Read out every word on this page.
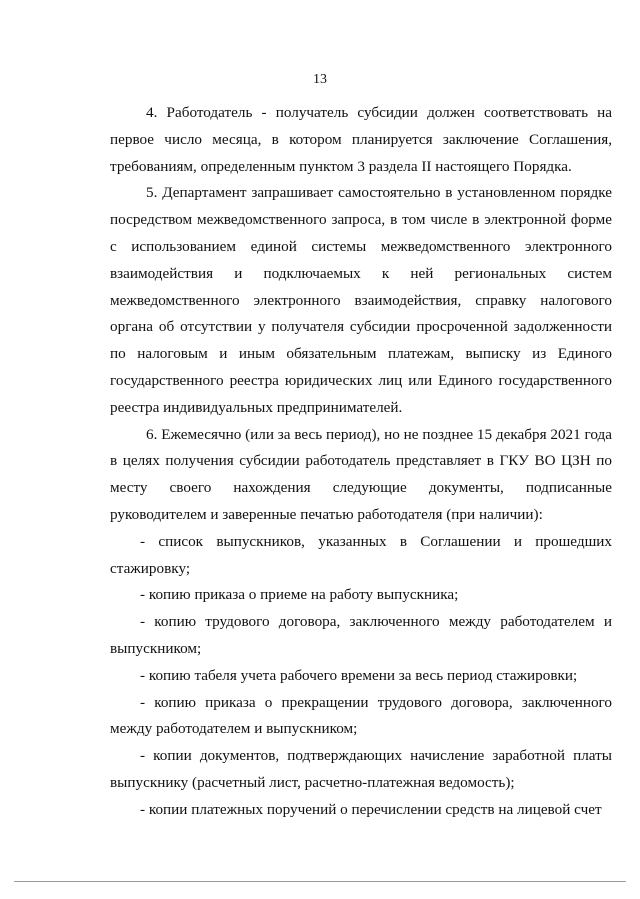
13

4. Работодатель - получатель субсидии должен соответствовать на первое число месяца, в котором планируется заключение Соглашения, требованиям, определенным пунктом 3 раздела II настоящего Порядка.

5. Департамент запрашивает самостоятельно в установленном порядке посредством межведомственного запроса, в том числе в электронной форме с использованием единой системы межведомственного электронного взаимодействия и подключаемых к ней региональных систем межведомственного электронного взаимодействия, справку налогового органа об отсутствии у получателя субсидии просроченной задолженности по налоговым и иным обязательным платежам, выписку из Единого государственного реестра юридических лиц или Единого государственного реестра индивидуальных предпринимателей.

6. Ежемесячно (или за весь период), но не позднее 15 декабря 2021 года в целях получения субсидии работодатель представляет в ГКУ ВО ЦЗН по месту своего нахождения следующие документы, подписанные руководителем и заверенные печатью работодателя (при наличии):

- список выпускников, указанных в Соглашении и прошедших стажировку;

- копию приказа о приеме на работу выпускника;

- копию трудового договора, заключенного между работодателем и выпускником;

- копию табеля учета рабочего времени за весь период стажировки;

- копию приказа о прекращении трудового договора, заключенного между работодателем и выпускником;

- копии документов, подтверждающих начисление заработной платы выпускнику (расчетный лист, расчетно-платежная ведомость);

- копии платежных поручений о перечислении средств на лицевой счет
